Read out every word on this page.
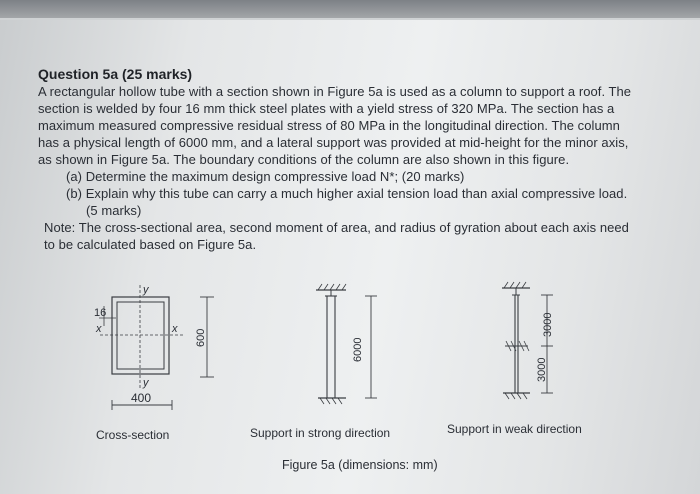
Question 5a (25 marks)
A rectangular hollow tube with a section shown in Figure 5a is used as a column to support a roof. The
section is welded by four 16 mm thick steel plates with a yield stress of 320 MPa. The section has a
maximum measured compressive residual stress of 80 MPa in the longitudinal direction. The column
has a physical length of 6000 mm, and a lateral support was provided at mid-height for the minor axis,
as shown in Figure 5a. The boundary conditions of the column are also shown in this figure.
(a) Determine the maximum design compressive load N*; (20 marks)
(b) Explain why this tube can carry a much higher axial tension load than axial compressive load.
(5 marks)
Note: The cross-sectional area, second moment of area, and radius of gyration about each axis need
to be calculated based on Figure 5a.
y
y
x	x
16
600
400
6000
3000
3000
Cross-section	Support in strong direction	Support in weak direction
Figure 5a (dimensions: mm)
